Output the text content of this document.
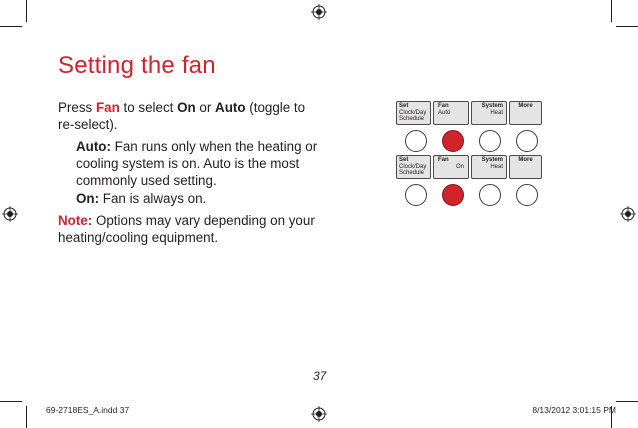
Setting the fan
Press Fan to select On or Auto (toggle to
re-select).
Auto: Fan runs only when the heating or
cooling system is on. Auto is the most
commonly used setting.
On: Fan is always on.
Note: Options may vary depending on your
heating/cooling equipment.
Set
Clock/Day
Schedule
Fan
Auto
System
Heat
More
Set
Clock/Day
Schedule
Fan
On
System
Heat
More
37
69-2718ES_A.indd 37	8/13/2012 3:01:15 PM
